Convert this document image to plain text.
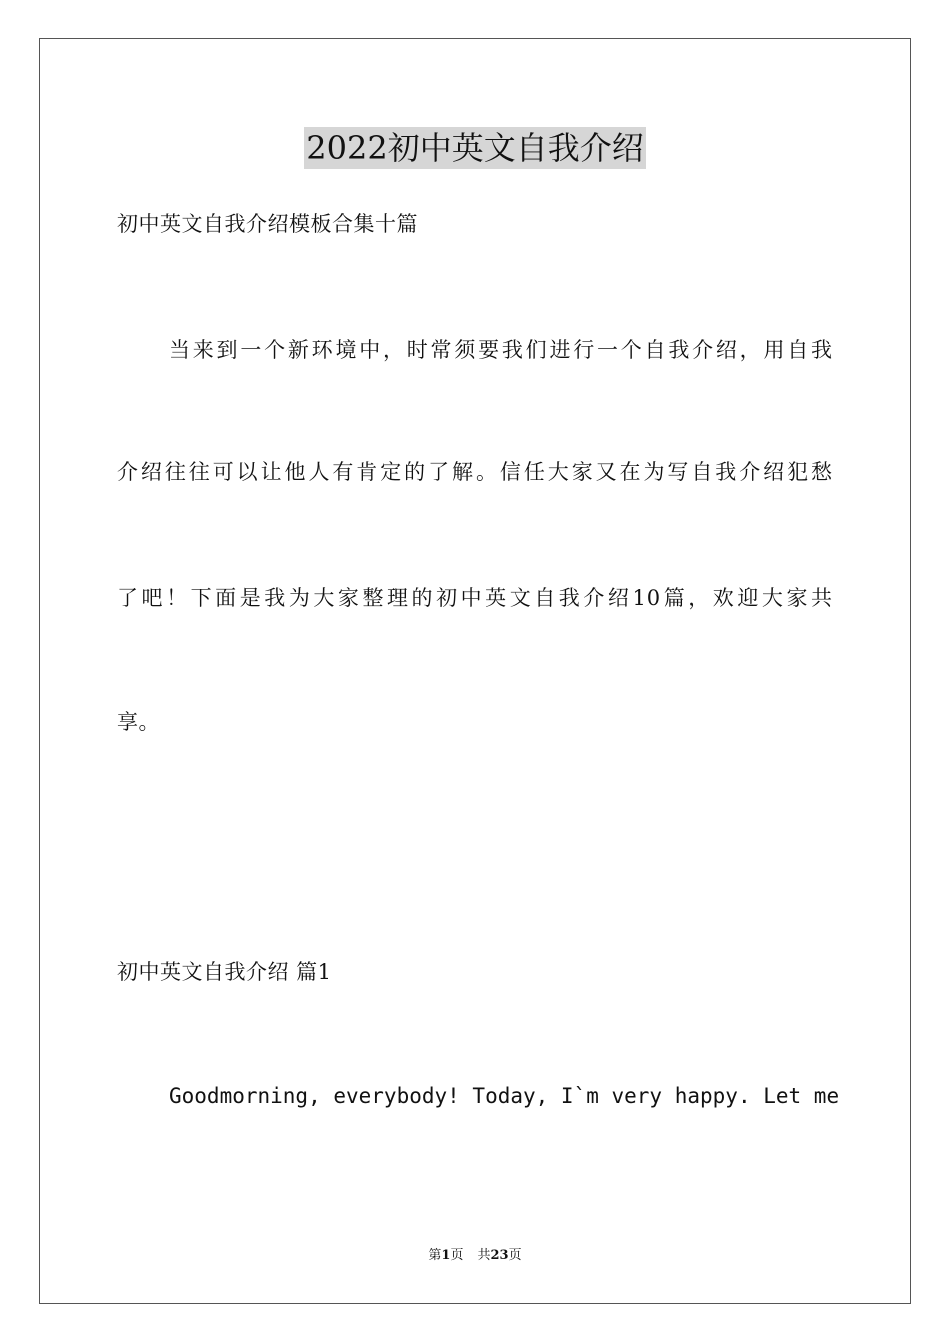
2022初中英文自我介绍
初中英文自我介绍模板合集十篇
当来到一个新环境中，时常须要我们进行一个自我介绍，用自我
介绍往往可以让他人有肯定的了解。信任大家又在为写自我介绍犯愁
了吧！下面是我为大家整理的初中英文自我介绍10篇，欢迎大家共
享。
初中英文自我介绍 篇1
Goodmorning, everybody! Today, I`m very happy. Let me
第1页 共23页
